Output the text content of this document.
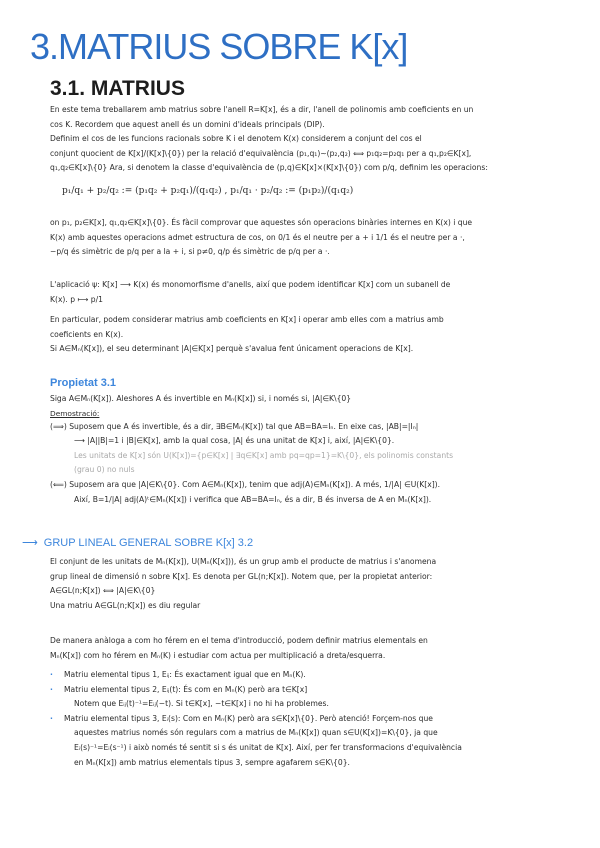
3.MATRIUS SOBRE K[x]
3.1. MATRIUS
En este tema treballarem amb matrius sobre l'anell R=K[x], és a dir, l'anell de polinomis amb coeficients en un
cos K. Recordem que aquest anell és un domini d'ideals principals (DIP).
Definim el cos de les funcions racionals sobre K i el denotem K(x) considerem a conjunt del cos el
conjunt quocient de K[x]/(K[x]\{0}) per la relació d'equivalència (p₁,q₁)~(p₂,q₂) ⟺ p₁q₂=p₂q₁ per a q₁,p₂∈K[x],
q₁,q₂∈K[x]\{0} Ara, si denotem la classe d'equivalència de (p,q)∈K[x]×(K[x]\{0}) com p/q, definim les operacions:
p₁/q₁ + p₂/q₂ := (p₁q₂ + p₂q₁)/(q₁q₂) , p₁/q₁ · p₂/q₂ := (p₁p₂)/(q₁q₂)
on p₁, p₂∈K[x], q₁,q₂∈K[x]\{0}. És fàcil comprovar que aquestes són operacions binàries internes en K(x) i que
K(x) amb aquestes operacions admet estructura de cos, on 0/1 és el neutre per a + i 1/1 és el neutre per a ·,
−p/q és simètric de p/q per a la + i, si p≠0, q/p és simètric de p/q per a ·.
L'aplicació ψ: K[x] ⟶ K(x) és monomorfisme d'anells, així que podem identificar K[x] com un subanell de
K(x). p ⟼ p/1
En particular, podem considerar matrius amb coeficients en K[x] i operar amb elles com a matrius amb
coeficients en K(x).
Si A∈Mₙ(K[x]), el seu determinant |A|∈K[x] perquè s'avalua fent únicament operacions de K[x].
Propietat 3.1
Siga A∈Mₙ(K[x]). Aleshores A és invertible en Mₙ(K[x]) si, i només si, |A|∈K\{0}
Demostració:
(⟹) Suposem que A és invertible, és a dir, ∃B∈Mₙ(K[x]) tal que AB=BA=Iₙ. En eixe cas, |AB|=|Iₙ|
⟶ |A||B|=1 i |B|∈K[x], amb la qual cosa, |A| és una unitat de K[x] i, així, |A|∈K\{0}.
Les unitats de K[x] són U(K[x])={p∈K[x] | ∃q∈K[x] amb pq=qp=1}=K\{0}, els polinomis constants
(grau 0) no nuls
(⟸) Suposem ara que |A|∈K\{0}. Com A∈Mₙ(K[x]), tenim que adj(A)∈Mₙ(K[x]). A més, 1/|A| ∈U(K[x]).
Així, B=1/|A| adj(A)ᵗ∈Mₙ(K[x]) i verifica que AB=BA=Iₙ, és a dir, B és inversa de A en Mₙ(K[x]).
⟶ GRUP LINEAL GENERAL SOBRE K[x] 3.2
El conjunt de les unitats de Mₙ(K[x]), U(Mₙ(K[x])), és un grup amb el producte de matrius i s'anomena
grup lineal de dimensió n sobre K[x]. Es denota per GL(n;K[x]). Notem que, per la propietat anterior:
A∈GL(n;K[x]) ⟺ |A|∈K\{0}
Una matriu A∈GL(n;K[x]) es diu regular
De manera anàloga a com ho férem en el tema d'introducció, podem definir matrius elementals en
Mₙ(K[x]) com ho férem en Mₙ(K) i estudiar com actua per multiplicació a dreta/esquerra.
· Matriu elemental tipus 1, Eᵢⱼ: És exactament igual que en Mₙ(K).
· Matriu elemental tipus 2, Eᵢⱼ(t): És com en Mₙ(K) però ara t∈K[x]
Notem que Eᵢⱼ(t)⁻¹=Eᵢⱼ(−t). Si t∈K[x], −t∈K[x] i no hi ha problemes.
· Matriu elemental tipus 3, Eᵢ(s): Com en Mₙ(K) però ara s∈K[x]\{0}. Però atenció! Forçem-nos que
aquestes matrius només són regulars com a matrius de Mₙ(K[x]) quan s∈U(K[x])=K\{0}, ja que
Eᵢ(s)⁻¹=Eᵢ(s⁻¹) i això només té sentit si s és unitat de K[x]. Així, per fer transformacions d'equivalència
en Mₙ(K[x]) amb matrius elementals tipus 3, sempre agafarem s∈K\{0}.
